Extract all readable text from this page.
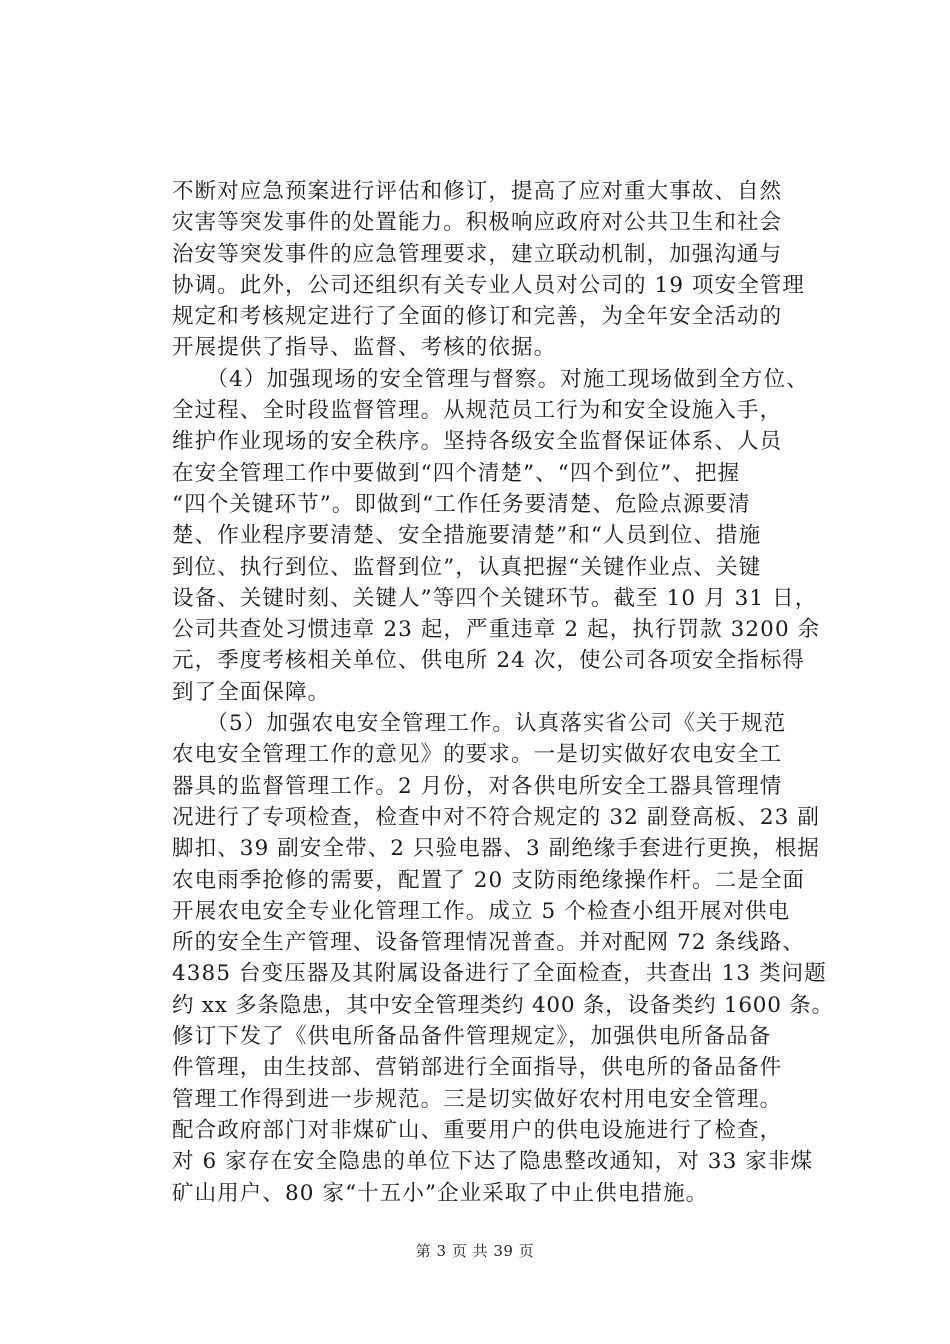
不断对应急预案进行评估和修订，提高了应对重大事故、自然
灾害等突发事件的处置能力。积极响应政府对公共卫生和社会
治安等突发事件的应急管理要求，建立联动机制，加强沟通与
协调。此外，公司还组织有关专业人员对公司的 19 项安全管理
规定和考核规定进行了全面的修订和完善，为全年安全活动的
开展提供了指导、监督、考核的依据。
　　（4）加强现场的安全管理与督察。对施工现场做到全方位、
全过程、全时段监督管理。从规范员工行为和安全设施入手，
维护作业现场的安全秩序。坚持各级安全监督保证体系、人员
在安全管理工作中要做到“四个清楚”、“四个到位”、把握
“四个关键环节”。即做到“工作任务要清楚、危险点源要清
楚、作业程序要清楚、安全措施要清楚”和“人员到位、措施
到位、执行到位、监督到位”，认真把握“关键作业点、关键
设备、关键时刻、关键人”等四个关键环节。截至 10 月 31 日，
公司共查处习惯违章 23 起，严重违章 2 起，执行罚款 3200 余
元，季度考核相关单位、供电所 24 次，使公司各项安全指标得
到了全面保障。
　　（5）加强农电安全管理工作。认真落实省公司《关于规范
农电安全管理工作的意见》的要求。一是切实做好农电安全工
器具的监督管理工作。2 月份，对各供电所安全工器具管理情
况进行了专项检查，检查中对不符合规定的 32 副登高板、23 副
脚扣、39 副安全带、2 只验电器、3 副绝缘手套进行更换，根据
农电雨季抢修的需要，配置了 20 支防雨绝缘操作杆。二是全面
开展农电安全专业化管理工作。成立 5 个检查小组开展对供电
所的安全生产管理、设备管理情况普查。并对配网 72 条线路、
4385 台变压器及其附属设备进行了全面检查，共查出 13 类问题
约 xx 多条隐患，其中安全管理类约 400 条，设备类约 1600 条。
修订下发了《供电所备品备件管理规定》，加强供电所备品备
件管理，由生技部、营销部进行全面指导，供电所的备品备件
管理工作得到进一步规范。三是切实做好农村用电安全管理。
配合政府部门对非煤矿山、重要用户的供电设施进行了检查，
对 6 家存在安全隐患的单位下达了隐患整改通知，对 33 家非煤
矿山用户、80 家“十五小”企业采取了中止供电措施。
第 3 页 共 39 页
